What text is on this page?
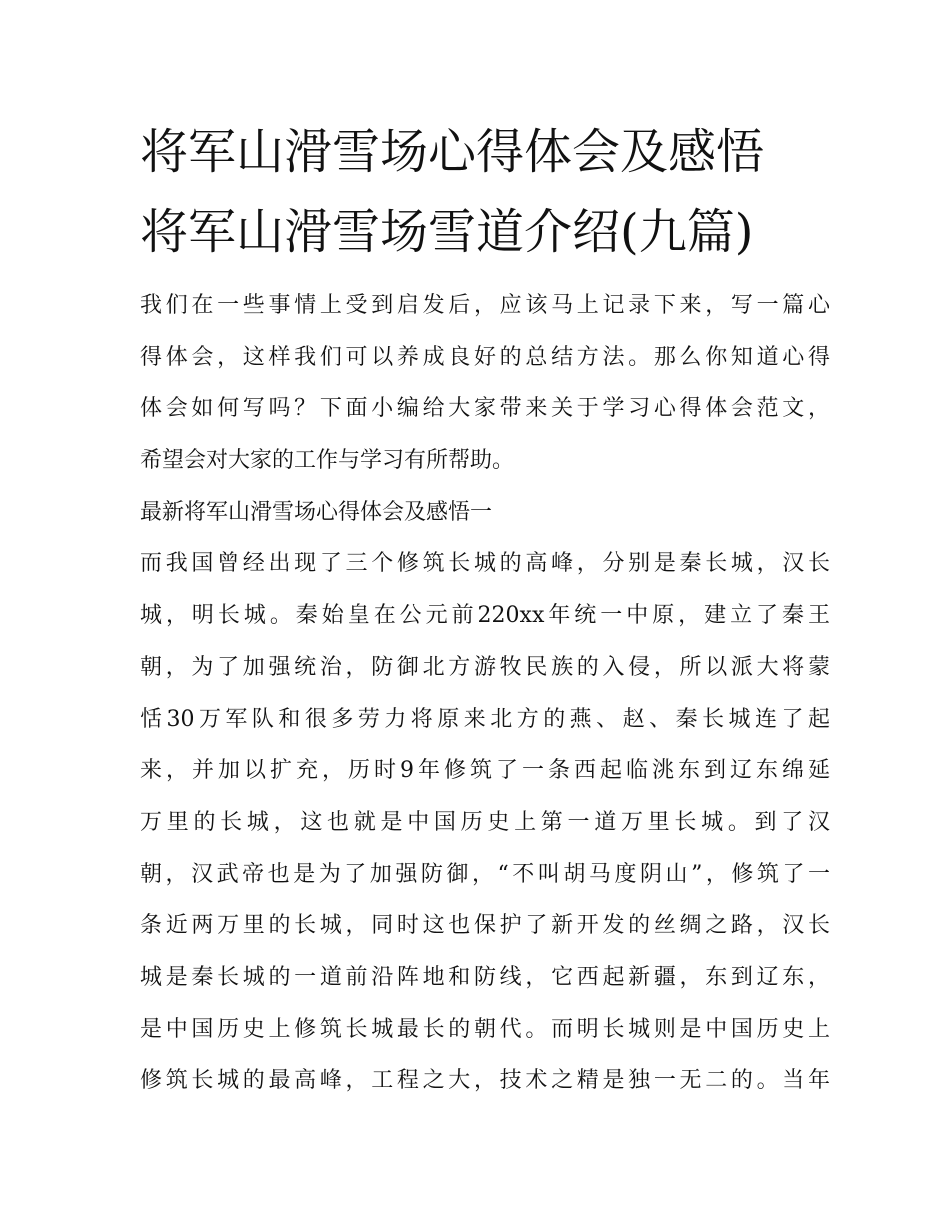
将军山滑雪场心得体会及感悟
将军山滑雪场雪道介绍(九篇)
我们在一些事情上受到启发后，应该马上记录下来，写一篇心
得体会，这样我们可以养成良好的总结方法。那么你知道心得
体会如何写吗？下面小编给大家带来关于学习心得体会范文，
希望会对大家的工作与学习有所帮助。
最新将军山滑雪场心得体会及感悟一
而我国曾经出现了三个修筑长城的高峰，分别是秦长城，汉长
城，明长城。秦始皇在公元前220xx年统一中原，建立了秦王
朝，为了加强统治，防御北方游牧民族的入侵，所以派大将蒙
恬30万军队和很多劳力将原来北方的燕、赵、秦长城连了起
来，并加以扩充，历时9年修筑了一条西起临洮东到辽东绵延
万里的长城，这也就是中国历史上第一道万里长城。到了汉
朝，汉武帝也是为了加强防御，“不叫胡马度阴山”，修筑了一
条近两万里的长城，同时这也保护了新开发的丝绸之路，汉长
城是秦长城的一道前沿阵地和防线，它西起新疆，东到辽东，
是中国历史上修筑长城最长的朝代。而明长城则是中国历史上
修筑长城的最高峰，工程之大，技术之精是独一无二的。当年
